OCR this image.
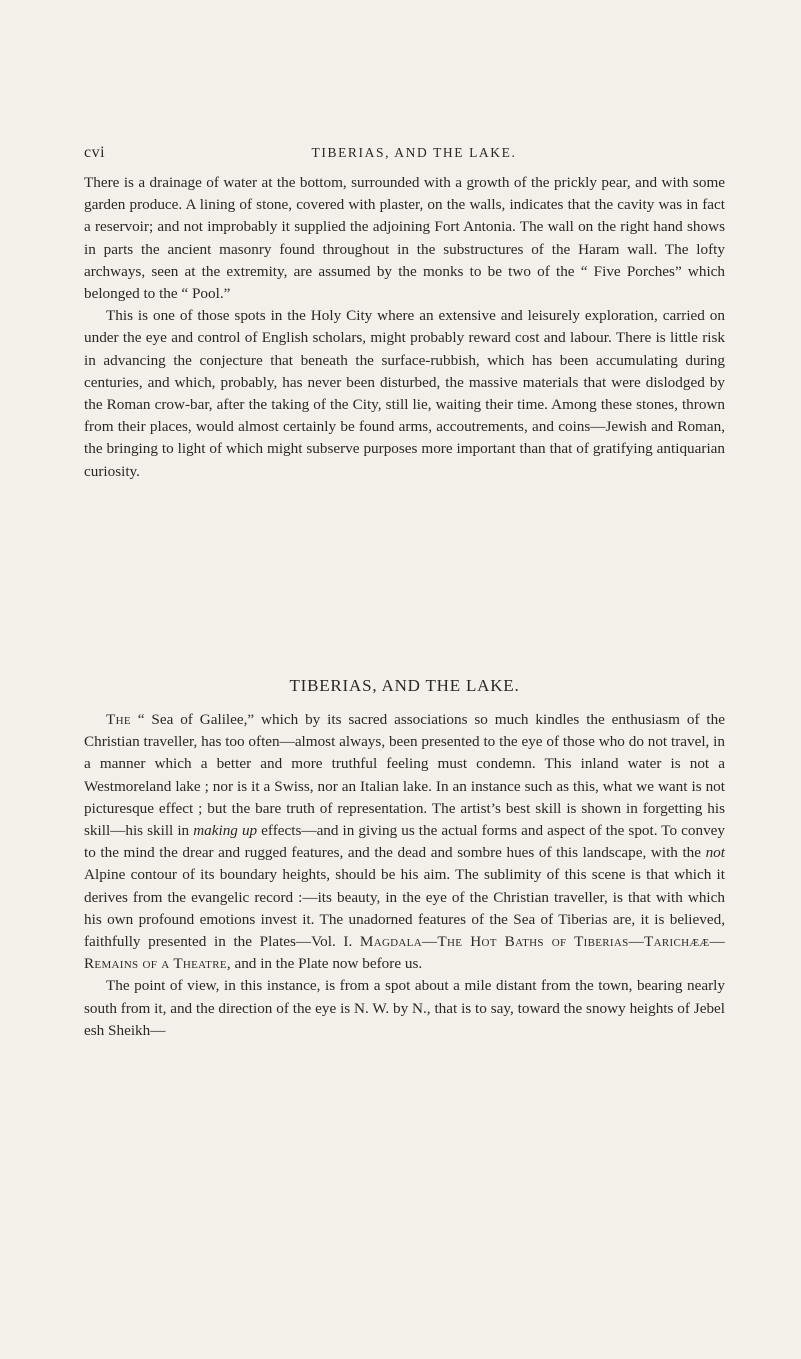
cvi	TIBERIAS, AND THE LAKE.

There is a drainage of water at the bottom, surrounded with a growth of the prickly pear, and with some garden produce. A lining of stone, covered with plaster, on the walls, indicates that the cavity was in fact a reservoir; and not improbably it supplied the adjoining Fort Antonia. The wall on the right hand shows in parts the ancient masonry found throughout in the substructures of the Haram wall. The lofty archways, seen at the extremity, are assumed by the monks to be two of the “ Five Porches” which belonged to the “ Pool.”

This is one of those spots in the Holy City where an extensive and leisurely exploration, carried on under the eye and control of English scholars, might probably reward cost and labour. There is little risk in advancing the conjecture that beneath the surface-rubbish, which has been accumulating during centuries, and which, probably, has never been disturbed, the massive materials that were dislodged by the Roman crow-bar, after the taking of the City, still lie, waiting their time. Among these stones, thrown from their places, would almost certainly be found arms, accoutrements, and coins—Jewish and Roman, the bringing to light of which might subserve purposes more important than that of gratifying antiquarian curiosity.

TIBERIAS, AND THE LAKE.

The “ Sea of Galilee,” which by its sacred associations so much kindles the enthusiasm of the Christian traveller, has too often—almost always, been presented to the eye of those who do not travel, in a manner which a better and more truthful feeling must condemn. This inland water is not a Westmoreland lake ; nor is it a Swiss, nor an Italian lake. In an instance such as this, what we want is not picturesque effect ; but the bare truth of representation. The artist’s best skill is shown in forgetting his skill—his skill in making up effects—and in giving us the actual forms and aspect of the spot. To convey to the mind the drear and rugged features, and the dead and sombre hues of this landscape, with the not Alpine contour of its boundary heights, should be his aim. The sublimity of this scene is that which it derives from the evangelic record :—its beauty, in the eye of the Christian traveller, is that with which his own profound emotions invest it. The unadorned features of the Sea of Tiberias are, it is believed, faithfully presented in the Plates—Vol. I. Magdala—The Hot Baths of Tiberias—Tarichææ—Remains of a Theatre, and in the Plate now before us.

The point of view, in this instance, is from a spot about a mile distant from the town, bearing nearly south from it, and the direction of the eye is N. W. by N., that is to say, toward the snowy heights of Jebel esh Sheikh—
